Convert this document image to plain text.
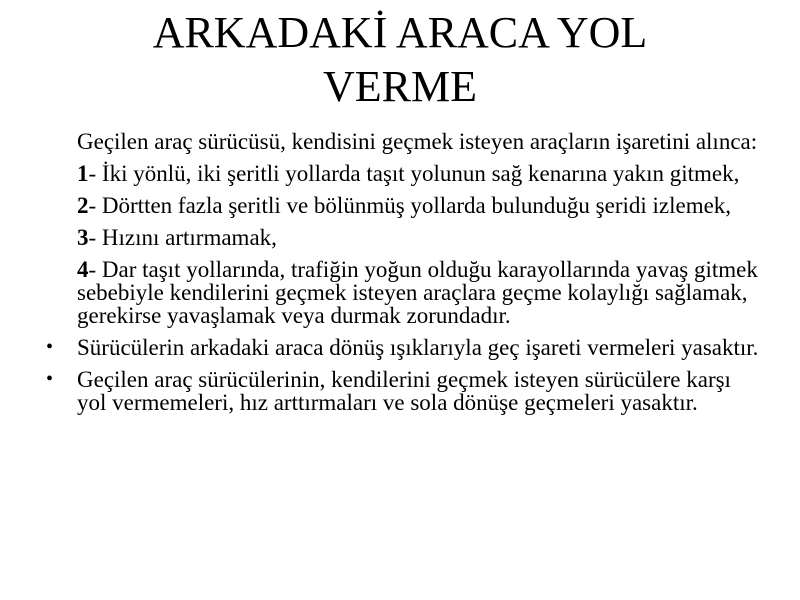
ARKADAKİ ARACA YOL
VERME

Geçilen araç sürücüsü, kendisini geçmek isteyen araçların işaretini alınca:

1- İki yönlü, iki şeritli yollarda taşıt yolunun sağ kenarına yakın gitmek,

2- Dörtten fazla şeritli ve bölünmüş yollarda bulunduğu şeridi izlemek,

3- Hızını artırmamak,

4- Dar taşıt yollarında, trafiğin yoğun olduğu karayollarında yavaş gitmek sebebiyle kendilerini geçmek isteyen araçlara geçme kolaylığı sağlamak, gerekirse yavaşlamak veya durmak zorundadır.

• Sürücülerin arkadaki araca dönüş ışıklarıyla geç işareti vermeleri yasaktır.

• Geçilen araç sürücülerinin, kendilerini geçmek isteyen sürücülere karşı yol vermemeleri, hız arttırmaları ve sola dönüşe geçmeleri yasaktır.
